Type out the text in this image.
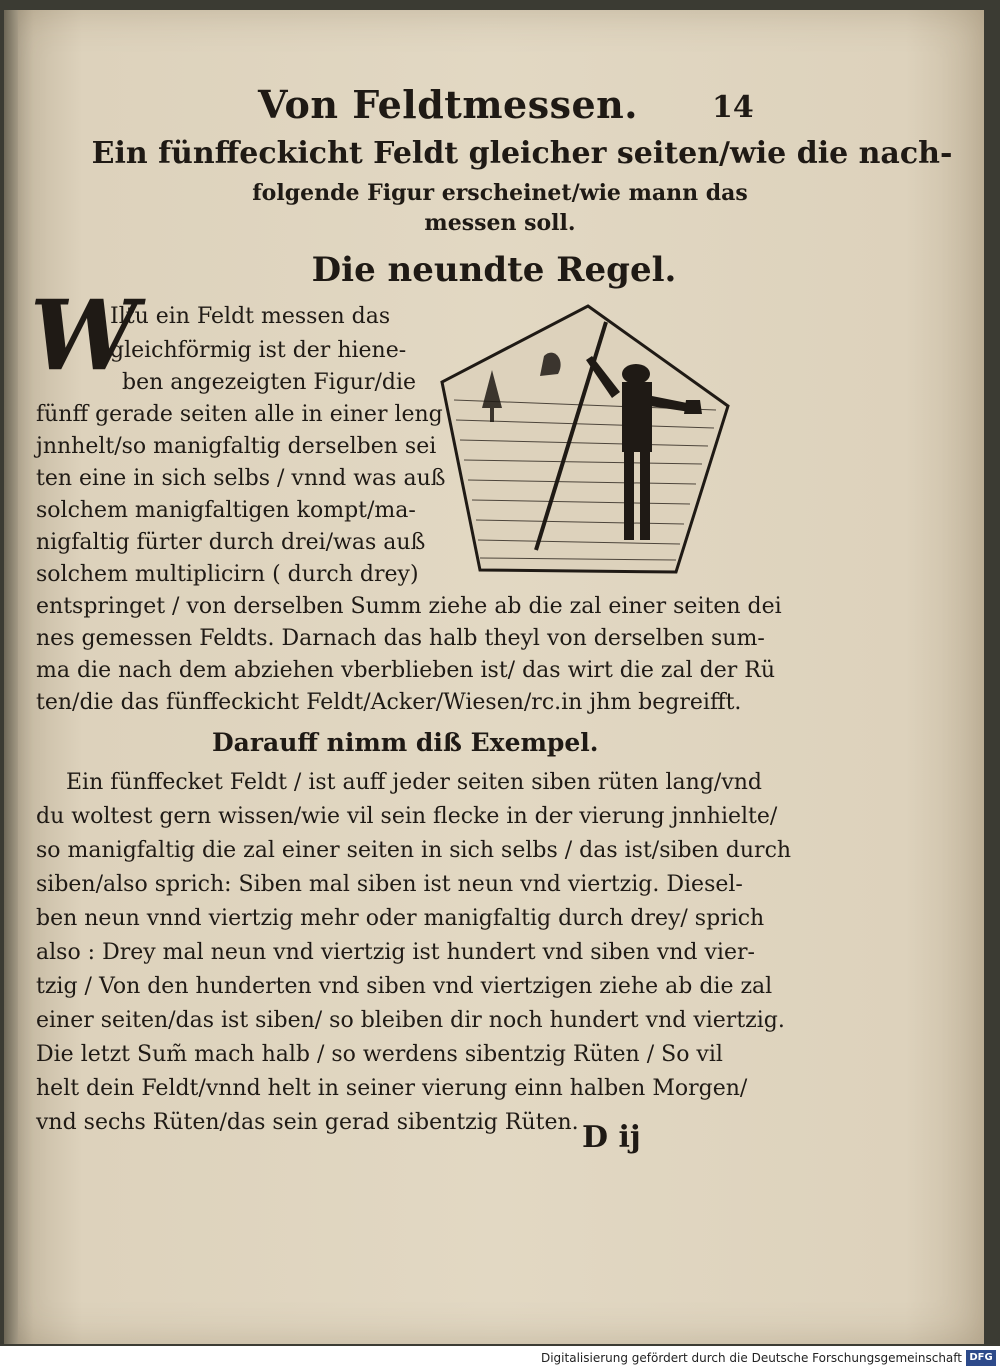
Von Feldtmessen. 14
Ein fünffeckicht Feldt gleicher seiten/wie die nach-
folgende Figur erscheinet/wie mann das
messen soll.
Die neundte Regel.
W
Iltu ein Feldt messen das
gleichförmig ist der hiene-
ben angezeigten Figur/die
fünff gerade seiten alle in einer leng
jnnhelt/so manigfaltig derselben sei
ten eine in sich selbs / vnnd was auß
solchem manigfaltigen kompt/ma-
nigfaltig fürter durch drei/was auß
solchem multiplicirn ( durch drey)
entspringet / von derselben Summ ziehe ab die zal einer seiten dei
nes gemessen Feldts. Darnach das halb theyl von derselben sum-
ma die nach dem abziehen vberblieben ist/ das wirt die zal der Rü
ten/die das fünffeckicht Feldt/Acker/Wiesen/rc.in jhm begreifft.
Darauff nimm diß Exempel.
Ein fünffecket Feldt / ist auff jeder seiten siben rüten lang/vnd
du woltest gern wissen/wie vil sein flecke in der vierung jnnhielte/
so manigfaltig die zal einer seiten in sich selbs / das ist/siben durch
siben/also sprich: Siben mal siben ist neun vnd viertzig. Diesel-
ben neun vnnd viertzig mehr oder manigfaltig durch drey/ sprich
also : Drey mal neun vnd viertzig ist hundert vnd siben vnd vier-
tzig / Von den hunderten vnd siben vnd viertzigen ziehe ab die zal
einer seiten/das ist siben/ so bleiben dir noch hundert vnd viertzig.
Die letzt Sum̃ mach halb / so werdens sibentzig Rüten / So vil
helt dein Feldt/vnnd helt in seiner vierung einn halben Morgen/
vnd sechs Rüten/das sein gerad sibentzig Rüten. D ij
Digitalisierung gefördert durch die Deutsche Forschungsgemeinschaft DFG
